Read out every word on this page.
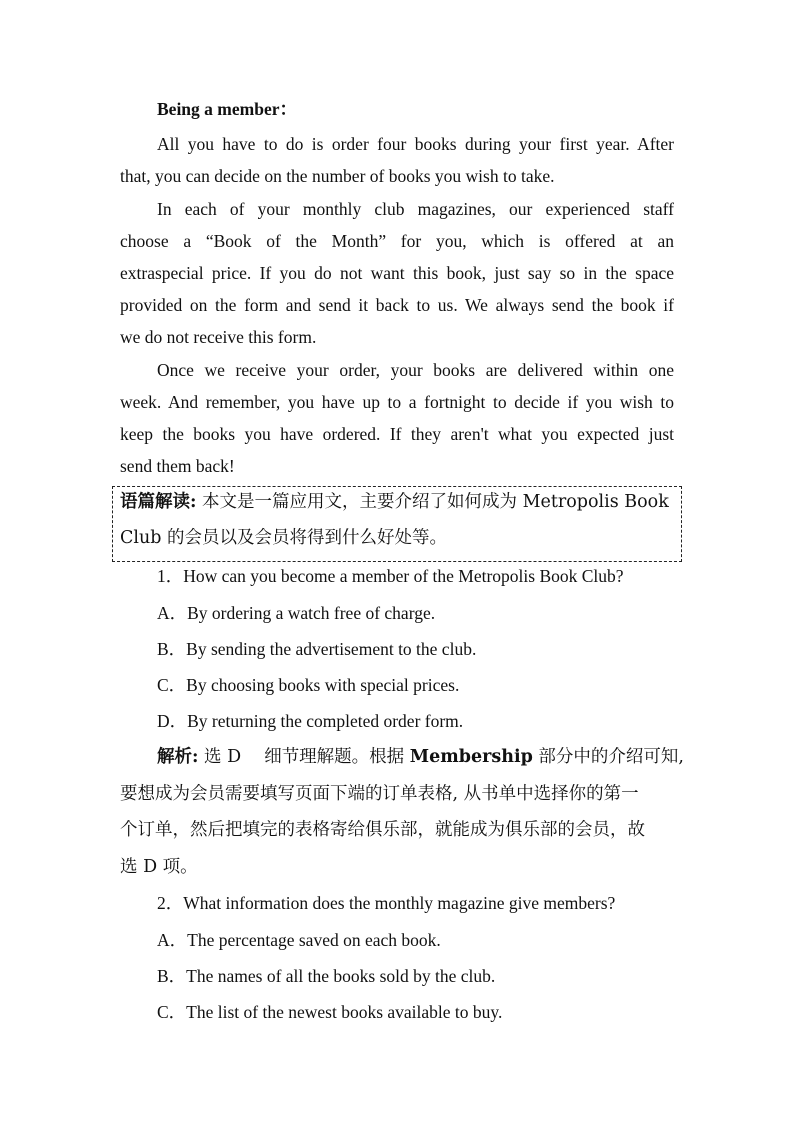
Being a member：
All you have to do is order four books during your first year. After
that, you can decide on the number of books you wish to take.
In each of your monthly club magazines, our experienced staff
choose a “Book of the Month” for you, which is offered at an
extraspecial price. If you do not want this book, just say so in the space
provided on the form and send it back to us. We always send the book if
we do not receive this form.
Once we receive your order, your books are delivered within one
week. And remember, you have up to a fortnight to decide if you wish to
keep the books you have ordered. If they aren't what you expected just
send them back!
语篇解读: 本文是一篇应用文，主要介绍了如何成为 Metropolis Book
Club 的会员以及会员将得到什么好处等。
1．How can you become a member of the Metropolis Book Club?
A．By ordering a watch free of charge.
B．By sending the advertisement to the club.
C．By choosing books with special prices.
D．By returning the completed order form.
解析: 选 D　 细节理解题。根据 Membership 部分中的介绍可知,
要想成为会员需要填写页面下端的订单表格, 从书单中选择你的第一
个订单，然后把填完的表格寄给俱乐部，就能成为俱乐部的会员，故
选 D 项。
2．What information does the monthly magazine give members?
A．The percentage saved on each book.
B．The names of all the books sold by the club.
C．The list of the newest books available to buy.
